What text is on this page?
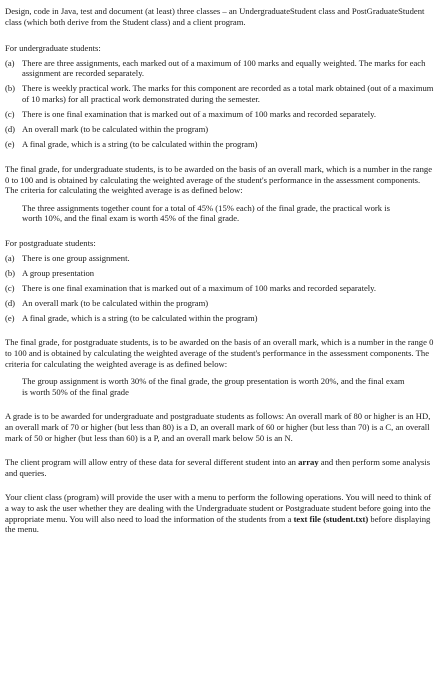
Design, code in Java, test and document (at least) three classes – an UndergraduateStudent class and PostGraduateStudent class (which both derive from the Student class) and a client program.

For undergraduate students:

(a) There are three assignments, each marked out of a maximum of 100 marks and equally weighted. The marks for each assignment are recorded separately.
(b) There is weekly practical work. The marks for this component are recorded as a total mark obtained (out of a maximum of 10 marks) for all practical work demonstrated during the semester.
(c) There is one final examination that is marked out of a maximum of 100 marks and recorded separately.
(d) An overall mark (to be calculated within the program)
(e) A final grade, which is a string (to be calculated within the program)

The final grade, for undergraduate students, is to be awarded on the basis of an overall mark, which is a number in the range 0 to 100 and is obtained by calculating the weighted average of the student's performance in the assessment components. The criteria for calculating the weighted average is as defined below:

The three assignments together count for a total of 45% (15% each) of the final grade, the practical work is worth 10%, and the final exam is worth 45% of the final grade.

For postgraduate students:

(a) There is one group assignment.
(b) A group presentation
(c) There is one final examination that is marked out of a maximum of 100 marks and recorded separately.
(d) An overall mark (to be calculated within the program)
(e) A final grade, which is a string (to be calculated within the program)

The final grade, for postgraduate students, is to be awarded on the basis of an overall mark, which is a number in the range 0 to 100 and is obtained by calculating the weighted average of the student's performance in the assessment components. The criteria for calculating the weighted average is as defined below:

The group assignment is worth 30% of the final grade, the group presentation is worth 20%, and the final exam is worth 50% of the final grade

A grade is to be awarded for undergraduate and postgraduate students as follows: An overall mark of 80 or higher is an HD, an overall mark of 70 or higher (but less than 80) is a D, an overall mark of 60 or higher (but less than 70) is a C, an overall mark of 50 or higher (but less than 60) is a P, and an overall mark below 50 is an N.

The client program will allow entry of these data for several different student into an array and then perform some analysis and queries.

Your client class (program) will provide the user with a menu to perform the following operations. You will need to think of a way to ask the user whether they are dealing with the Undergraduate student or Postgraduate student before going into the appropriate menu. You will also need to load the information of the students from a text file (student.txt) before displaying the menu.
